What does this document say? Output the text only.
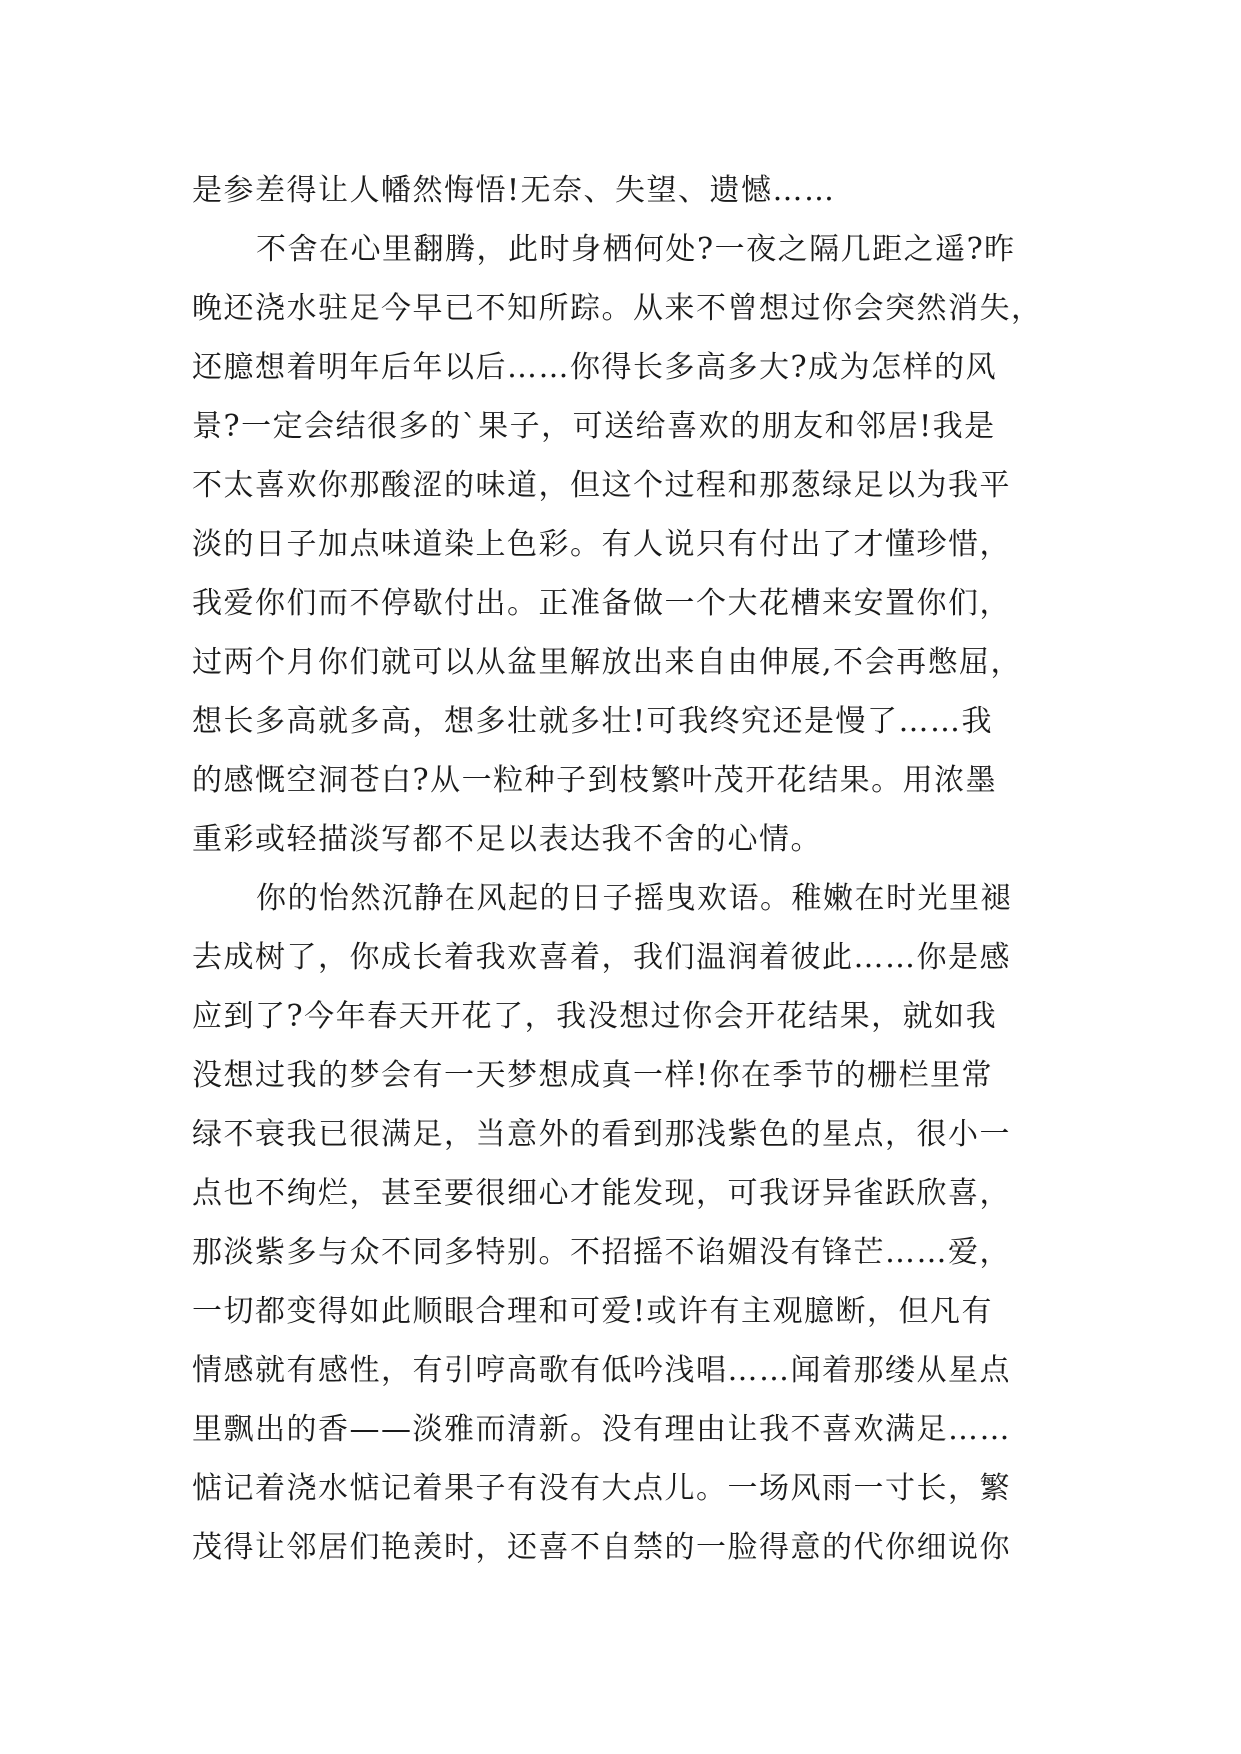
是参差得让人幡然悔悟!无奈、失望、遗憾……
不舍在心里翻腾，此时身栖何处?一夜之隔几距之遥?昨
晚还浇水驻足今早已不知所踪。从来不曾想过你会突然消失，
还臆想着明年后年以后……你得长多高多大?成为怎样的风
景?一定会结很多的`果子，可送给喜欢的朋友和邻居!我是
不太喜欢你那酸涩的味道，但这个过程和那葱绿足以为我平
淡的日子加点味道染上色彩。有人说只有付出了才懂珍惜，
我爱你们而不停歇付出。正准备做一个大花槽来安置你们，
过两个月你们就可以从盆里解放出来自由伸展,不会再憋屈，
想长多高就多高，想多壮就多壮!可我终究还是慢了……我
的感慨空洞苍白?从一粒种子到枝繁叶茂开花结果。用浓墨
重彩或轻描淡写都不足以表达我不舍的心情。
你的怡然沉静在风起的日子摇曳欢语。稚嫩在时光里褪
去成树了，你成长着我欢喜着，我们温润着彼此……你是感
应到了?今年春天开花了，我没想过你会开花结果，就如我
没想过我的梦会有一天梦想成真一样!你在季节的栅栏里常
绿不衰我已很满足，当意外的看到那浅紫色的星点，很小一
点也不绚烂，甚至要很细心才能发现，可我讶异雀跃欣喜，
那淡紫多与众不同多特别。不招摇不谄媚没有锋芒……爱，
一切都变得如此顺眼合理和可爱!或许有主观臆断，但凡有
情感就有感性，有引哼高歌有低吟浅唱……闻着那缕从星点
里飘出的香——淡雅而清新。没有理由让我不喜欢满足……
惦记着浇水惦记着果子有没有大点儿。一场风雨一寸长，繁
茂得让邻居们艳羡时，还喜不自禁的一脸得意的代你细说你
